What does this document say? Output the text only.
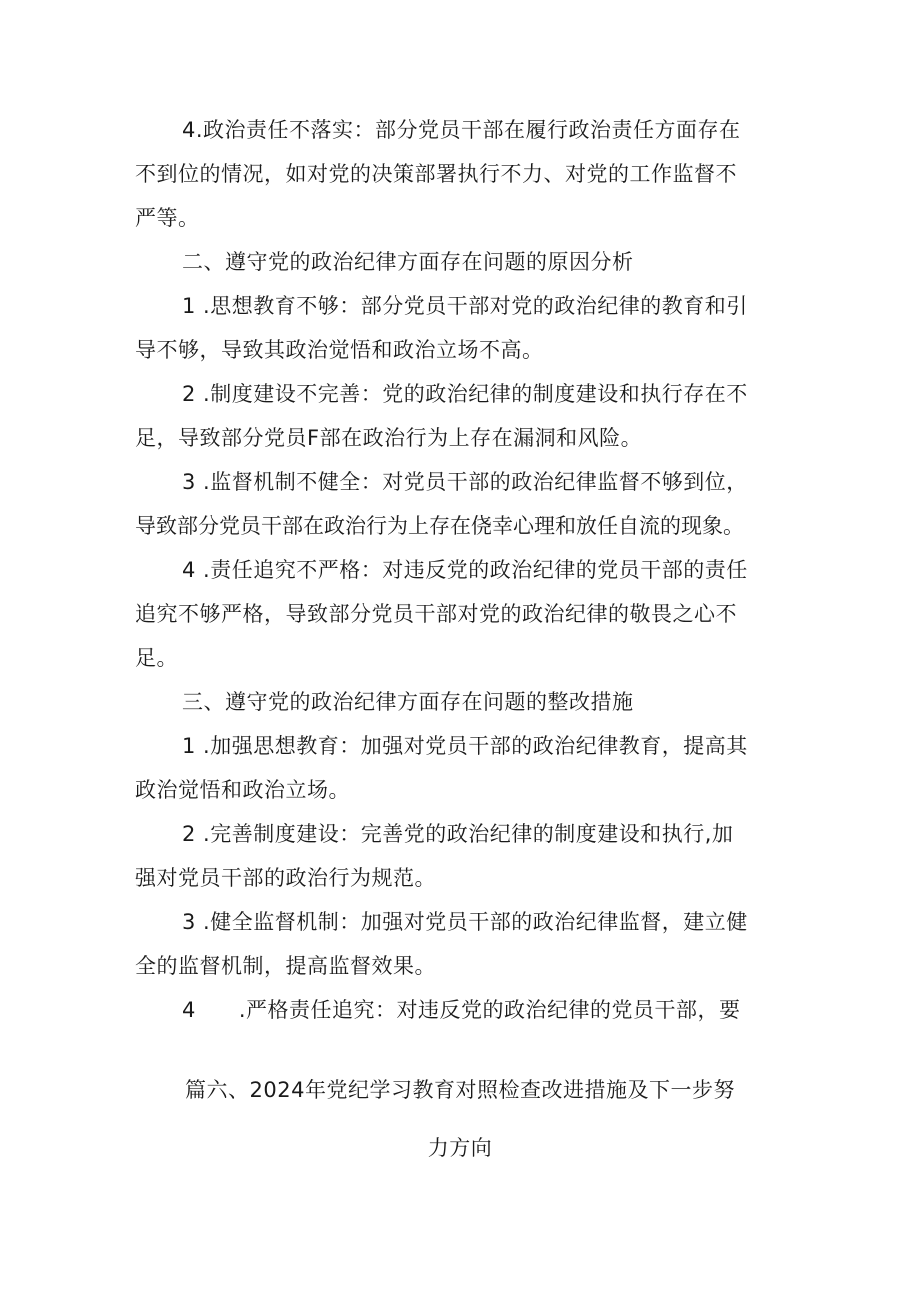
4.政治责任不落实：部分党员干部在履行政治责任方面存在
不到位的情况，如对党的决策部署执行不力、对党的工作监督不
严等。
二、遵守党的政治纪律方面存在问题的原因分析
1 .思想教育不够：部分党员干部对党的政治纪律的教育和引
导不够，导致其政治觉悟和政治立场不高。
2 .制度建设不完善：党的政治纪律的制度建设和执行存在不
足，导致部分党员F部在政治行为上存在漏洞和风险。
3 .监督机制不健全：对党员干部的政治纪律监督不够到位，
导致部分党员干部在政治行为上存在侥幸心理和放任自流的现象。
4 .责任追究不严格：对违反党的政治纪律的党员干部的责任
追究不够严格，导致部分党员干部对党的政治纪律的敬畏之心不
足。
三、遵守党的政治纪律方面存在问题的整改措施
1 .加强思想教育：加强对党员干部的政治纪律教育，提高其
政治觉悟和政治立场。
2 .完善制度建设：完善党的政治纪律的制度建设和执行,加
强对党员干部的政治行为规范。
3 .健全监督机制：加强对党员干部的政治纪律监督，建立健
全的监督机制，提高监督效果。
4　　.严格责任追究：对违反党的政治纪律的党员干部，要
篇六、2024年党纪学习教育对照检查改进措施及下一步努
力方向
